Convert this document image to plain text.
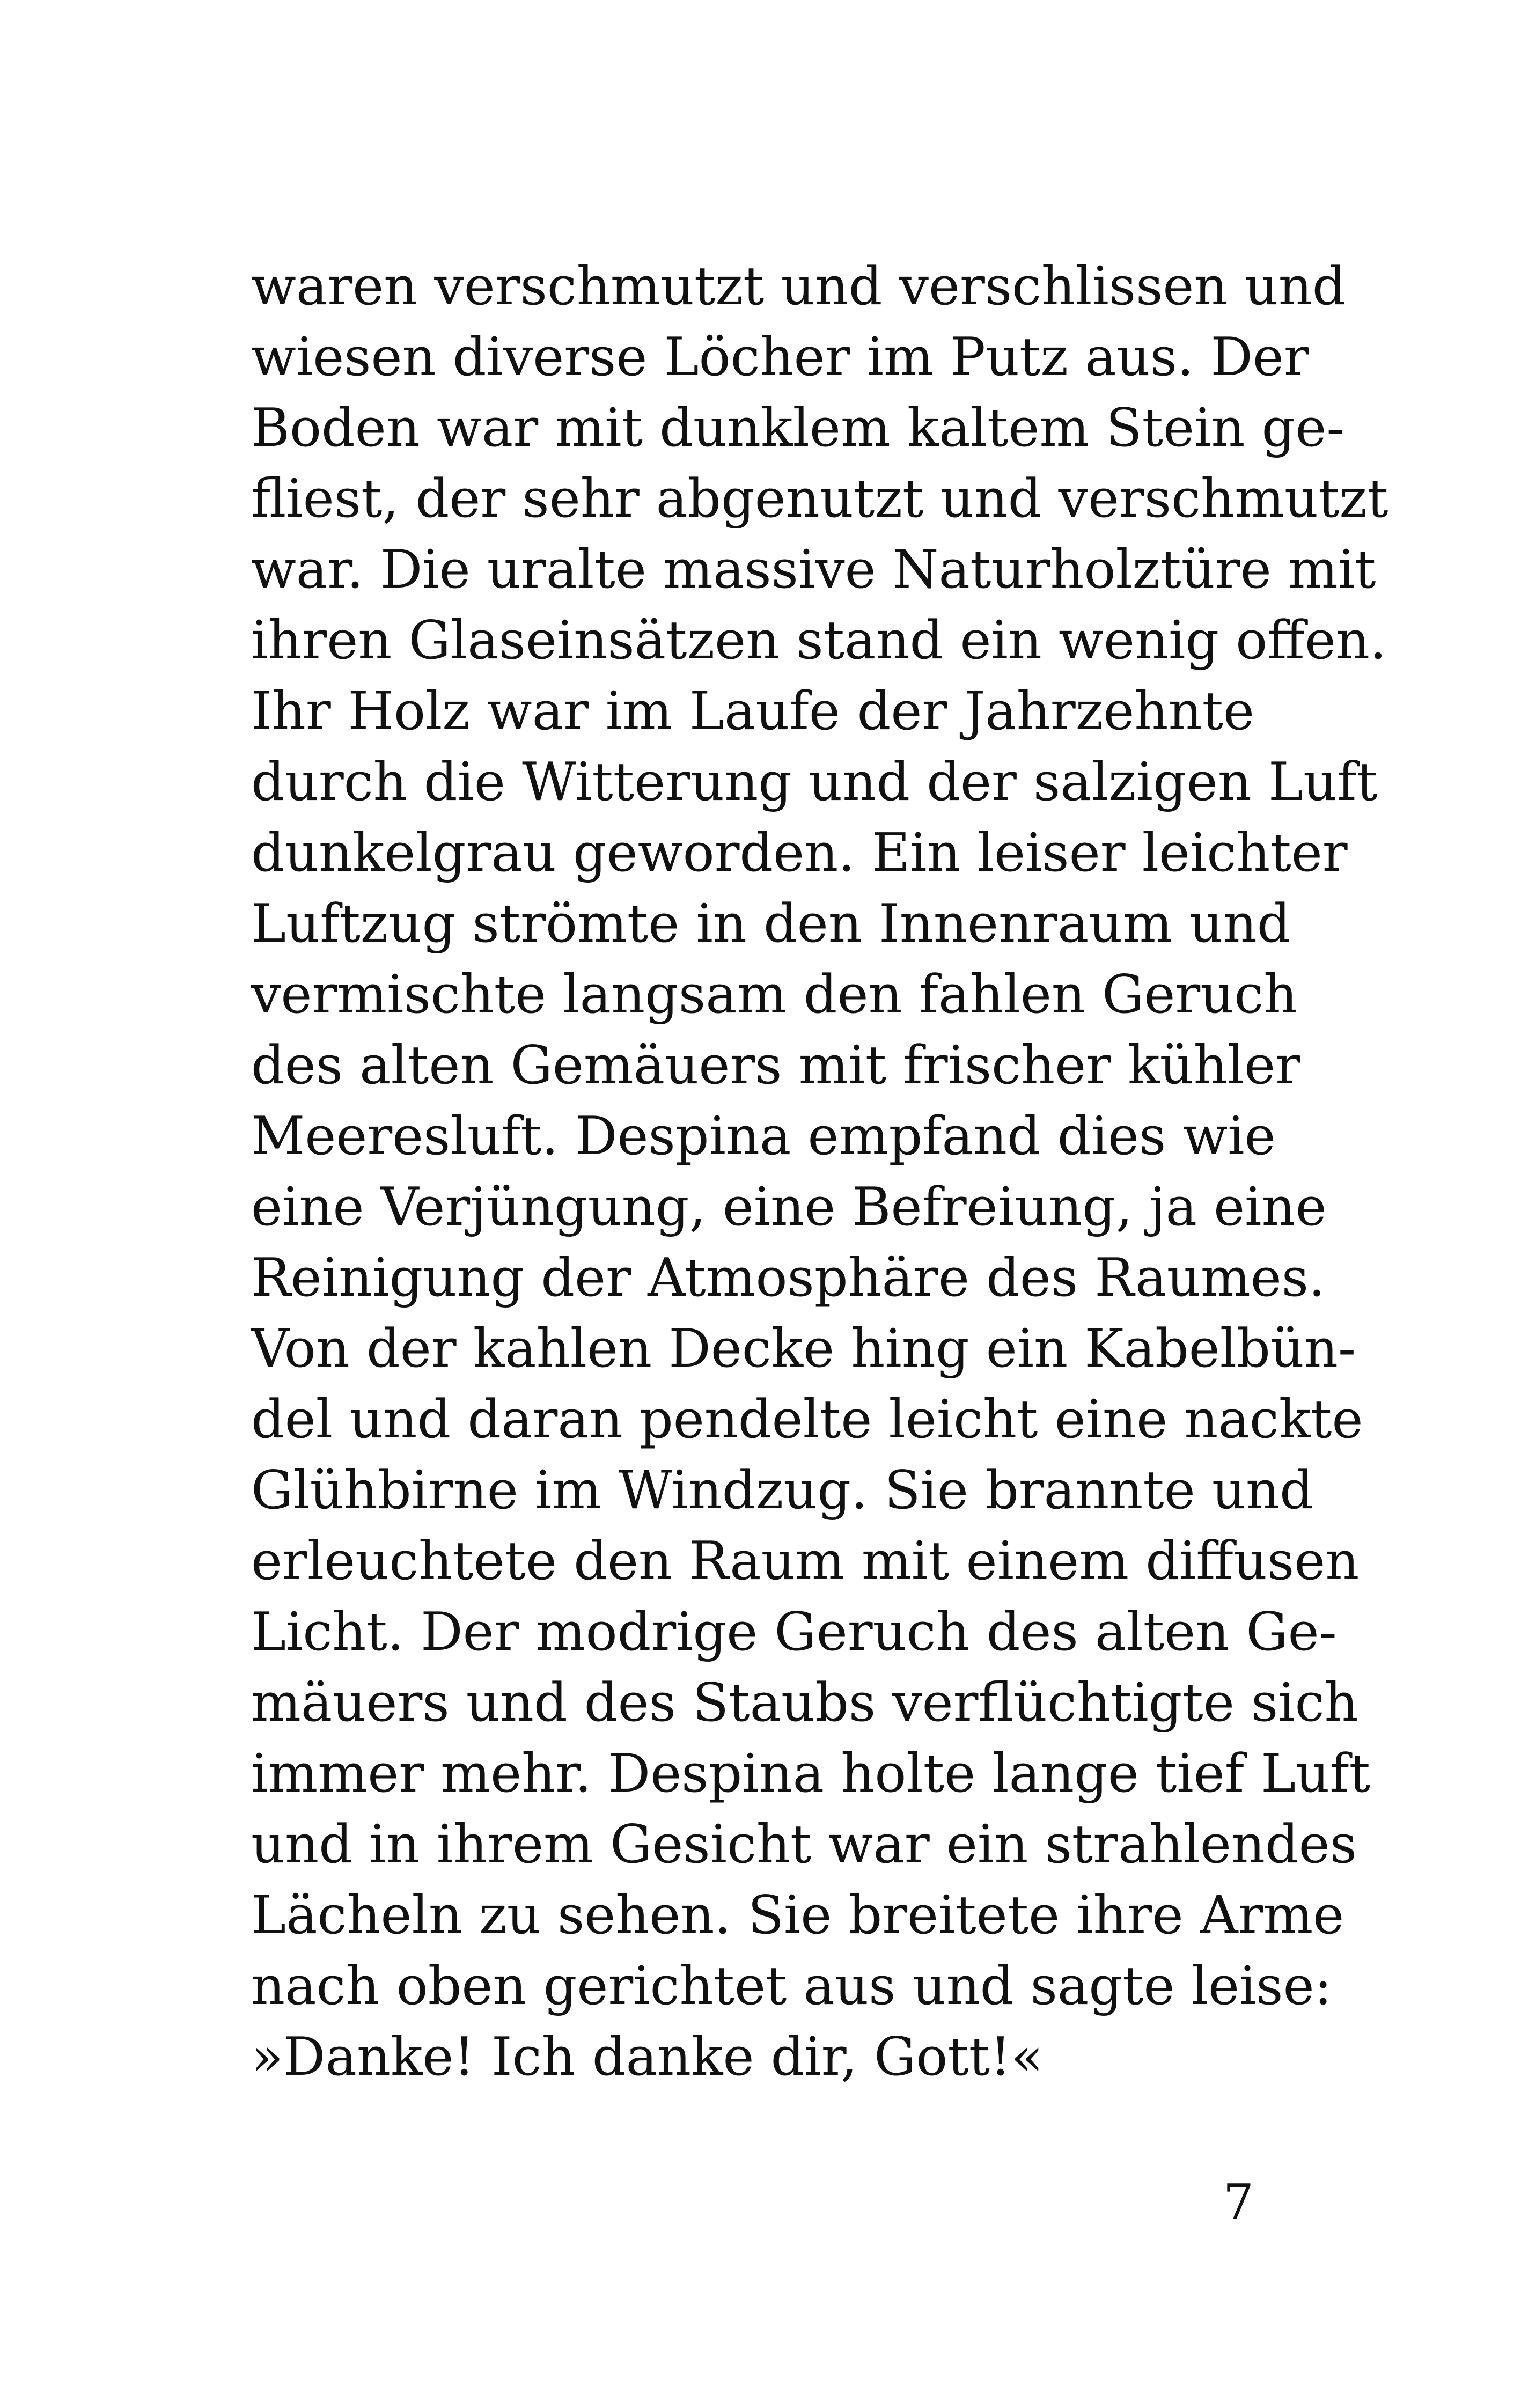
waren verschmutzt und verschlissen und
wiesen diverse Löcher im Putz aus. Der
Boden war mit dunklem kaltem Stein ge-
fliest, der sehr abgenutzt und verschmutzt
war. Die uralte massive Naturholztüre mit
ihren Glaseinsätzen stand ein wenig offen.
Ihr Holz war im Laufe der Jahrzehnte
durch die Witterung und der salzigen Luft
dunkelgrau geworden. Ein leiser leichter
Luftzug strömte in den Innenraum und
vermischte langsam den fahlen Geruch
des alten Gemäuers mit frischer kühler
Meeresluft. Despina empfand dies wie
eine Verjüngung, eine Befreiung, ja eine
Reinigung der Atmosphäre des Raumes.
Von der kahlen Decke hing ein Kabelbün-
del und daran pendelte leicht eine nackte
Glühbirne im Windzug. Sie brannte und
erleuchtete den Raum mit einem diffusen
Licht. Der modrige Geruch des alten Ge-
mäuers und des Staubs verflüchtigte sich
immer mehr. Despina holte lange tief Luft
und in ihrem Gesicht war ein strahlendes
Lächeln zu sehen. Sie breitete ihre Arme
nach oben gerichtet aus und sagte leise:
»Danke! Ich danke dir, Gott!«
7
